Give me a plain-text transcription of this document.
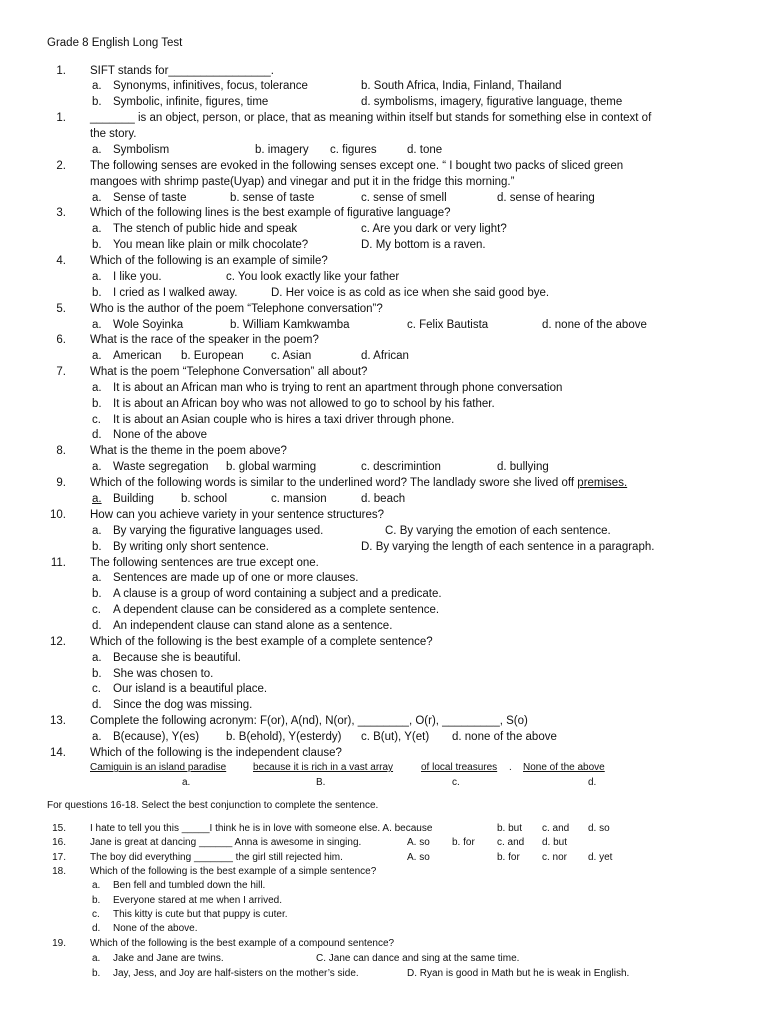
Grade 8 English Long Test
1. SIFT stands for________________.
a. Synonyms, infinitives, focus, tolerance	b. South Africa, India, Finland, Thailand
b. Symbolic, infinite, figures, time	d. symbolisms, imagery, figurative language, theme
1. _______ is an object, person, or place, that as meaning within itself but stands for something else in context of
the story.
a. Symbolism	b. imagery c. figures	d. tone
2. The following senses are evoked in the following senses except one. “ I bought two packs of sliced green
mangoes with shrimp paste(Uyap) and vinegar and put it in the fridge this morning.”
a. Sense of taste	b. sense of taste	c. sense of smell	d. sense of hearing
3. Which of the following lines is the best example of figurative language?
a. The stench of public hide and speak	c. Are you dark or very light?
b. You mean like plain or milk chocolate?	D. My bottom is a raven.
4. Which of the following is an example of simile?
a. I like you.	c. You look exactly like your father
b. I cried as I walked away.	D. Her voice is as cold as ice when she said good bye.
5. Who is the author of the poem “Telephone conversation”?
a. Wole Soyinka	b. William Kamkwamba	c. Felix Bautista	d. none of the above
6. What is the race of the speaker in the poem?
a. American b. European c. Asian	d. African
7. What is the poem “Telephone Conversation” all about?
a. It is about an African man who is trying to rent an apartment through phone conversation
b. It is about an African boy who was not allowed to go to school by his father.
c. It is about an Asian couple who is hires a taxi driver through phone.
d. None of the above
8. What is the theme in the poem above?
a. Waste segregation b. global warming	c. descrimintion	d. bullying
9. Which of the following words is similar to the underlined word? The landlady swore she lived off premises.
a. Building b. school	c. mansion	d. beach
10. How can you achieve variety in your sentence structures?
a. By varying the figurative languages used.	C. By varying the emotion of each sentence.
b. By writing only short sentence.	D. By varying the length of each sentence in a paragraph.
11. The following sentences are true except one.
a. Sentences are made up of one or more clauses.
b. A clause is a group of word containing a subject and a predicate.
c. A dependent clause can be considered as a complete sentence.
d. An independent clause can stand alone as a sentence.
12. Which of the following is the best example of a complete sentence?
a. Because she is beautiful.
b. She was chosen to.
c. Our island is a beautiful place.
d. Since the dog was missing.
13. Complete the following acronym: F(or), A(nd), N(or), ________, O(r), _________, S(o)
a. B(ecause), Y(es) b. B(ehold), Y(esterdy) c. B(ut), Y(et) d. none of the above
14. Which of the following is the independent clause?
Camiguin is an island paradise	because it is rich in a vast array	of local treasures . None of the above
a.	B.	c.	d.
For questions 16-18. Select the best conjunction to complete the sentence.
15. I hate to tell you this _____I think he is in love with someone else. A. because	b. but c. and d. so
16. Jane is great at dancing ______ Anna is awesome in singing.	A. so b. for c. and d. but
17. The boy did everything _______ the girl still rejected him.	A. so	b. for c. nor d. yet
18. Which of the following is the best example of a simple sentence?
a. Ben fell and tumbled down the hill.
b. Everyone stared at me when I arrived.
c. This kitty is cute but that puppy is cuter.
d. None of the above.
19. Which of the following is the best example of a compound sentence?
a. Jake and Jane are twins.	C. Jane can dance and sing at the same time.
b. Jay, Jess, and Joy are half-sisters on the mother’s side.	D. Ryan is good in Math but he is weak in English.
